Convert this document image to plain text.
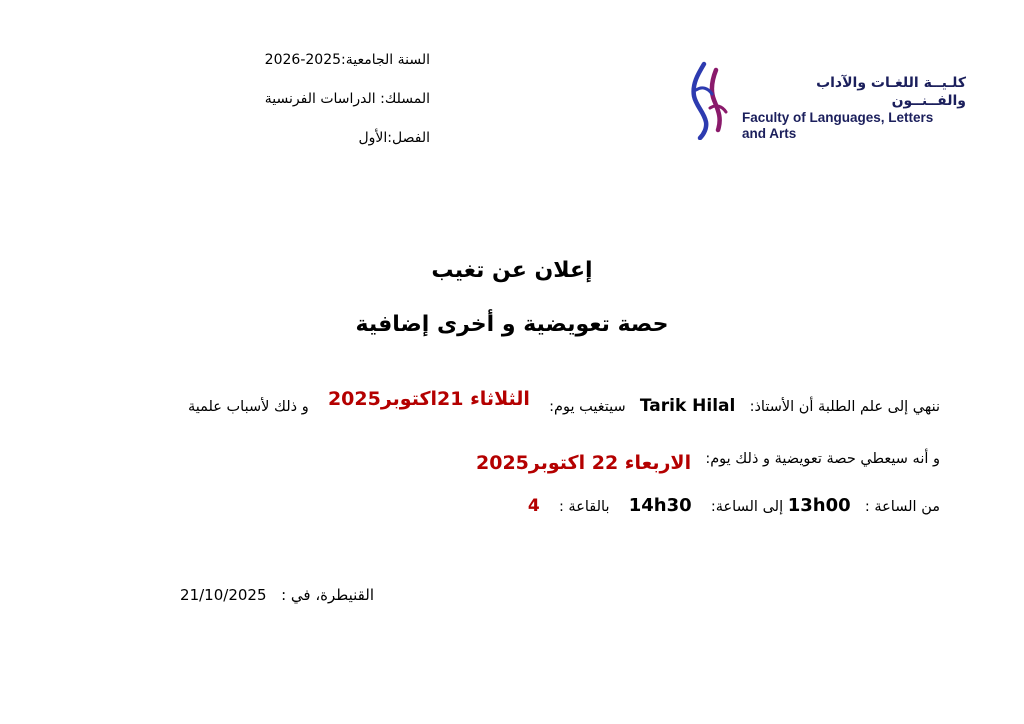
السنة الجامعية:2025-2026
المسلك: الدراسات الفرنسية
الفصل:الأول
كلـيــة اللغـات والآداب والفــنــون
Faculty of Languages, Letters
and Arts
إعلان عن تغيب
حصة تعويضية و أخرى إضافية
ننهي إلى علم الطلبة أن الأستاذ:  Tarik Hilal  سيتغيب يوم:  الثلاثاء 21اكتوبر2025  و ذلك لأسباب علمية
و أنه سيعطي حصة تعويضية و ذلك يوم:  الاربعاء 22 اكتوبر2025
من الساعة :  13h00 إلى الساعة:  14h30  بالقاعة :  4
القنيطرة، في :  21/10/2025
